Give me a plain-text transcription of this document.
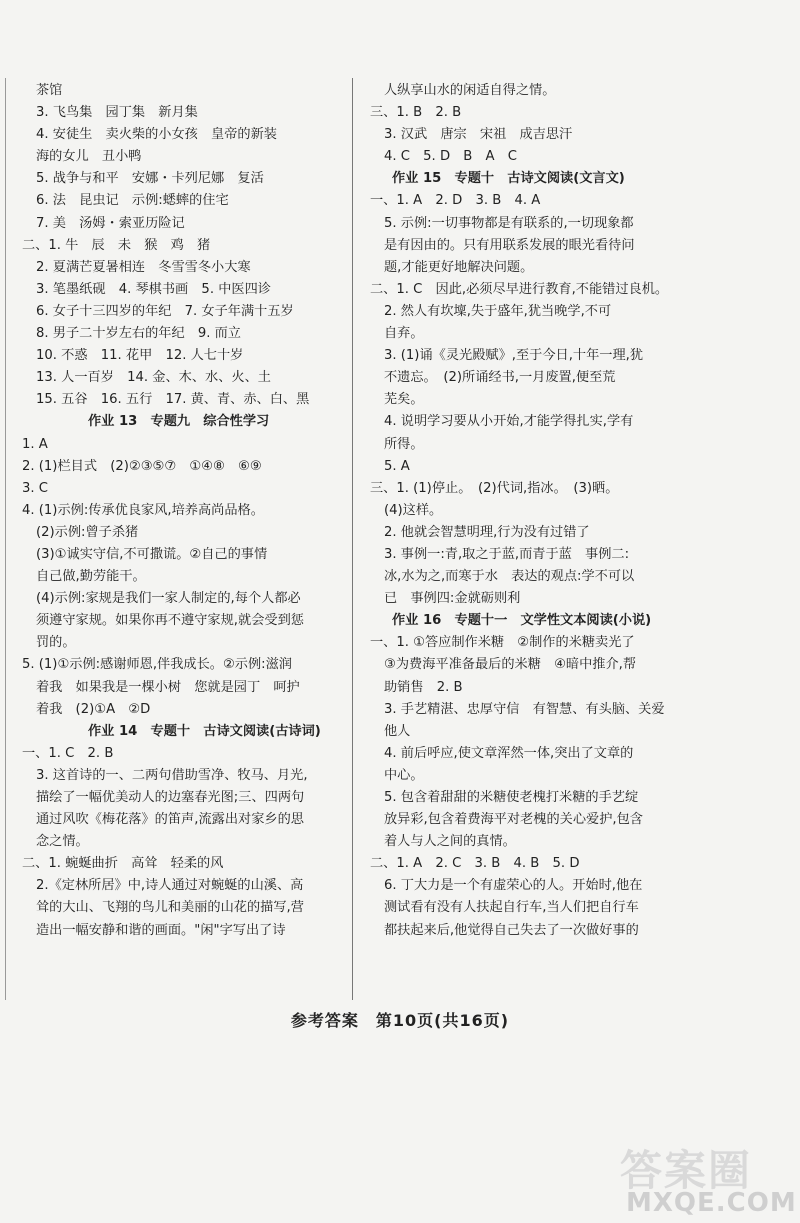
茶馆
3. 飞鸟集　园丁集　新月集
4. 安徒生　卖火柴的小女孩　皇帝的新装
海的女儿　丑小鸭
5. 战争与和平　安娜・卡列尼娜　复活
6. 法　昆虫记　示例:蟋蟀的住宅
7. 美　汤姆・索亚历险记
二、1. 牛　辰　未　猴　鸡　猪
2. 夏满芒夏暑相连　冬雪雪冬小大寒
3. 笔墨纸砚　4. 琴棋书画　5. 中医四诊
6. 女子十三四岁的年纪　7. 女子年满十五岁
8. 男子二十岁左右的年纪　9. 而立
10. 不惑　11. 花甲　12. 人七十岁
13. 人一百岁　14. 金、木、水、火、土
15. 五谷　16. 五行　17. 黄、青、赤、白、黑
作业 13　专题九　综合性学习
1. A
2. (1)栏目式　(2)②③⑤⑦　①④⑧　⑥⑨
3. C
4. (1)示例:传承优良家风,培养高尚品格。
(2)示例:曾子杀猪
(3)①诚实守信,不可撒谎。②自己的事情
自己做,勤劳能干。
(4)示例:家规是我们一家人制定的,每个人都必
须遵守家规。如果你再不遵守家规,就会受到惩
罚的。
5. (1)①示例:感谢师恩,伴我成长。②示例:滋润
着我　如果我是一棵小树　您就是园丁　呵护
着我　(2)①A　②D
作业 14　专题十　古诗文阅读(古诗词)
一、1. C　2. B
3. 这首诗的一、二两句借助雪净、牧马、月光,
描绘了一幅优美动人的边塞春光图;三、四两句
通过风吹《梅花落》的笛声,流露出对家乡的思
念之情。
二、1. 蜿蜒曲折　高耸　轻柔的风
2.《定林所居》中,诗人通过对蜿蜒的山溪、高
耸的大山、飞翔的鸟儿和美丽的山花的描写,营
造出一幅安静和谐的画面。"闲"字写出了诗
人纵享山水的闲适自得之情。
三、1. B　2. B
3. 汉武　唐宗　宋祖　成吉思汗
4. C　5. D　B　A　C
作业 15　专题十　古诗文阅读(文言文)
一、1. A　2. D　3. B　4. A
5. 示例:一切事物都是有联系的,一切现象都
是有因由的。只有用联系发展的眼光看待问
题,才能更好地解决问题。
二、1. C　因此,必须尽早进行教育,不能错过良机。
2. 然人有坎壈,失于盛年,犹当晚学,不可
自弃。
3. (1)诵《灵光殿赋》,至于今日,十年一理,犹
不遗忘。　(2)所诵经书,一月废置,便至荒
芜矣。
4. 说明学习要从小开始,才能学得扎实,学有
所得。
5. A
三、1. (1)停止。　(2)代词,指冰。　(3)晒。
(4)这样。
2. 他就会智慧明理,行为没有过错了
3. 事例一:青,取之于蓝,而青于蓝　事例二:
冰,水为之,而寒于水　表达的观点:学不可以
已　事例四:金就砺则利
作业 16　专题十一　文学性文本阅读(小说)
一、1. ①答应制作米糖　②制作的米糖卖光了
③为费海平准备最后的米糖　④暗中推介,帮
助销售　2. B
3. 手艺精湛、忠厚守信　有智慧、有头脑、关爱
他人
4. 前后呼应,使文章浑然一体,突出了文章的
中心。
5. 包含着甜甜的米糖使老槐打米糖的手艺绽
放异彩,包含着费海平对老槐的关心爱护,包含
着人与人之间的真情。
二、1. A　2. C　3. B　4. B　5. D
6. 丁大力是一个有虚荣心的人。开始时,他在
测试看有没有人扶起自行车,当人们把自行车
都扶起来后,他觉得自己失去了一次做好事的
参考答案　第10页(共16页)
答案圈
MXQE.COM
